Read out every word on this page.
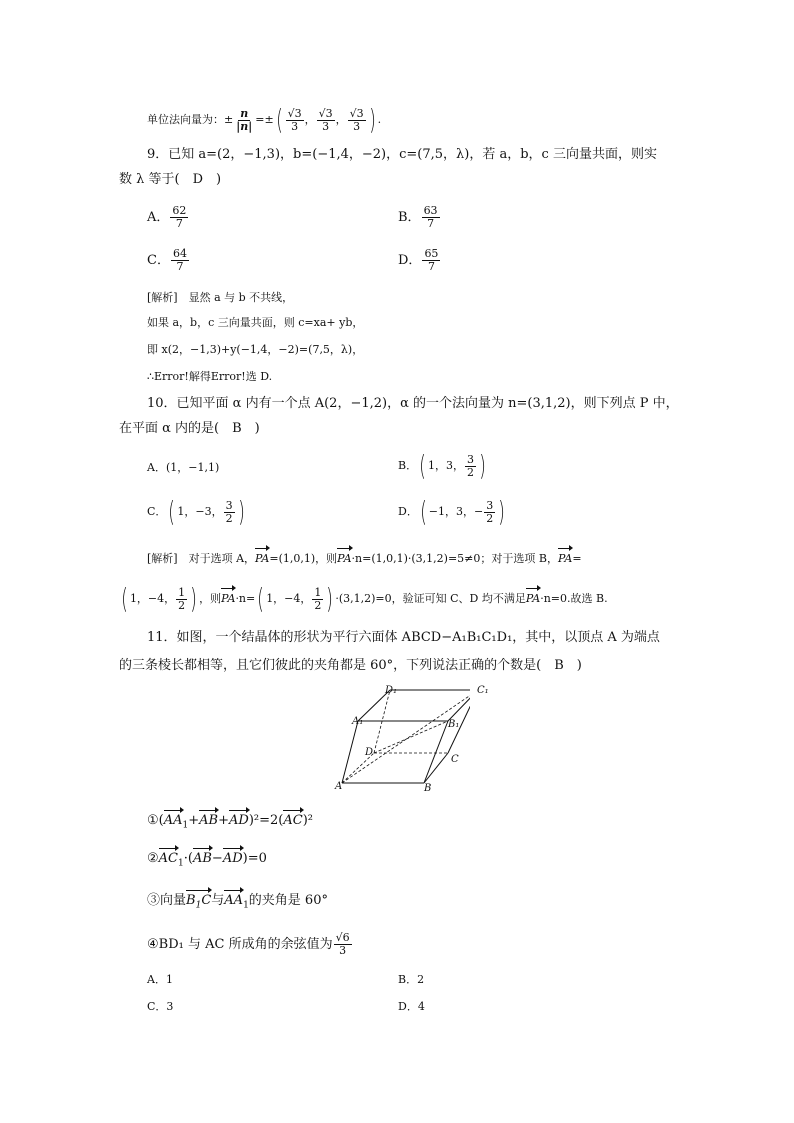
单位法向量为：± $\frac{n}{|n|}$ =±( $\frac{√3}{3}$ ， $\frac{√3}{3}$ ， $\frac{√3}{3}$ ) .
9．已知 a=(2，−1,3)，b=(−1,4，−2)，c=(7,5，λ)，若 a，b，c 三向量共面，则实
数 λ 等于(　D　)
A． $\frac{62}{7}$	B． $\frac{63}{7}$
C． $\frac{64}{7}$	D． $\frac{65}{7}$
[解析]　显然 a 与 b 不共线，
如果 a，b，c 三向量共面，则 c=xa+ yb，
即 x(2，−1,3)+y(−1,4，−2)=(7,5，λ)，
∴Error!解得Error!选 D.
10．已知平面 α 内有一个点 A(2，−1,2)，α 的一个法向量为 n=(3,1,2)，则下列点 P 中，
在平面 α 内的是(　B　)
A．(1，−1,1)	B．( 1，3， $\frac{3}{2}$ )
C．( 1，−3， $\frac{3}{2}$ )	D．( −1，3，− $\frac{3}{2}$ )
[解析]　对于选项 A，PA=(1,0,1)，则PA·n=(1,0,1)·(3,1,2)=5≠0；对于选项 B，PA=
( 1，−4， $\frac{1}{2}$ ) ，则PA·n=( 1，−4， $\frac{1}{2}$ ) ·(3,1,2)=0，验证可知 C、D 均不满足PA·n=0.故选 B.
11．如图，一个结晶体的形状为平行六面体 ABCD−A₁B₁C₁D₁，其中，以顶点 A 为端点
的三条棱长都相等，且它们彼此的夹角都是 60°，下列说法正确的个数是(　B　)
D₁	C₁
A₁	B₁
D
C
A	B
$①(AA_1+AB+AD)^2=2(AC)^2$
$②AC_1\cdot(AB-AD)=0$
③向量$B_1C$与$AA_1$的夹角是 60°
④BD₁ 与 AC 所成角的余弦值为 $\frac{√6}{3}$
A．1	B．2
C．3	D．4
